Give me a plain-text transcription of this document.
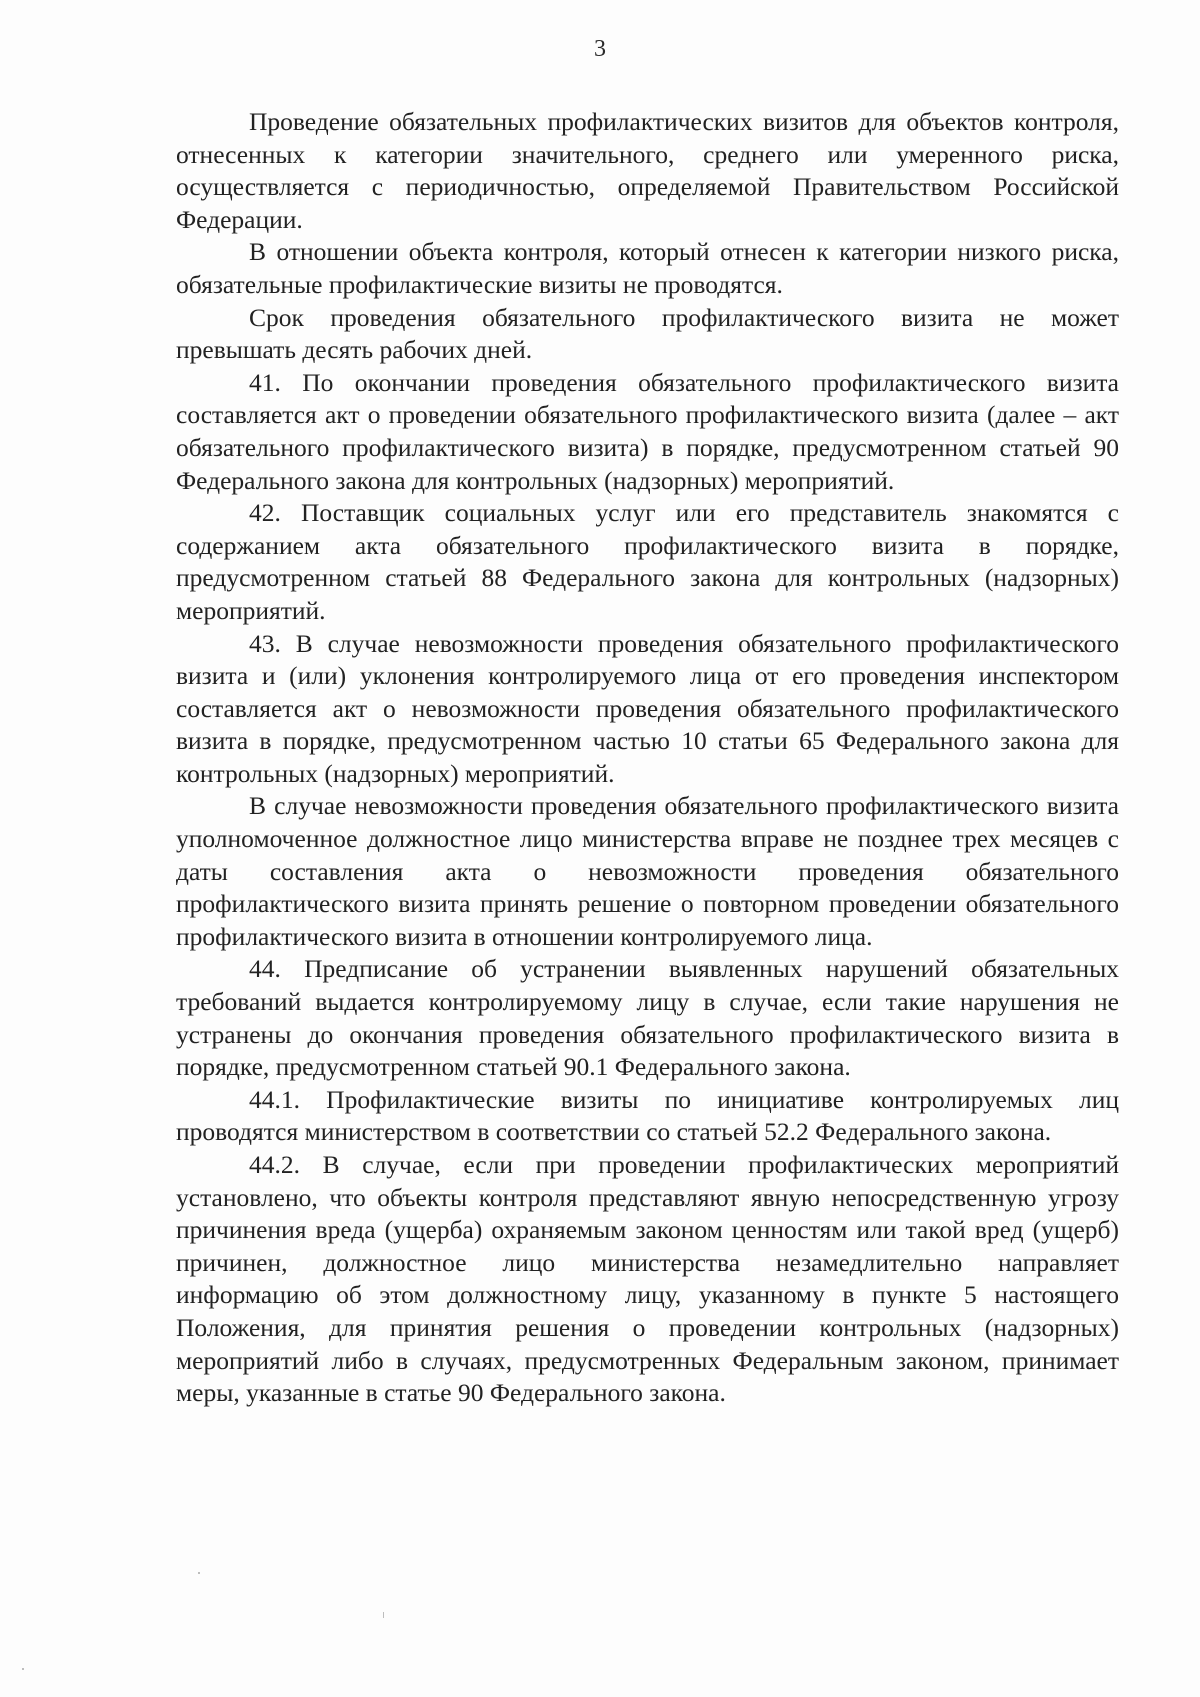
3

Проведение обязательных профилактических визитов для объектов контроля, отнесенных к категории значительного, среднего или умеренного риска, осуществляется с периодичностью, определяемой Правительством Российской Федерации.

В отношении объекта контроля, который отнесен к категории низкого риска, обязательные профилактические визиты не проводятся.

Срок проведения обязательного профилактического визита не может превышать десять рабочих дней.

41. По окончании проведения обязательного профилактического визита составляется акт о проведении обязательного профилактического визита (далее – акт обязательного профилактического визита) в порядке, предусмотренном статьей 90 Федерального закона для контрольных (надзорных) мероприятий.

42. Поставщик социальных услуг или его представитель знакомятся с содержанием акта обязательного профилактического визита в порядке, предусмотренном статьей 88 Федерального закона для контрольных (надзорных) мероприятий.

43. В случае невозможности проведения обязательного профилактического визита и (или) уклонения контролируемого лица от его проведения инспектором составляется акт о невозможности проведения обязательного профилактического визита в порядке, предусмотренном частью 10 статьи 65 Федерального закона для контрольных (надзорных) мероприятий.

В случае невозможности проведения обязательного профилактического визита уполномоченное должностное лицо министерства вправе не позднее трех месяцев с даты составления акта о невозможности проведения обязательного профилактического визита принять решение о повторном проведении обязательного профилактического визита в отношении контролируемого лица.

44. Предписание об устранении выявленных нарушений обязательных требований выдается контролируемому лицу в случае, если такие нарушения не устранены до окончания проведения обязательного профилактического визита в порядке, предусмотренном статьей 90.1 Федерального закона.

44.1. Профилактические визиты по инициативе контролируемых лиц проводятся министерством в соответствии со статьей 52.2 Федерального закона.

44.2. В случае, если при проведении профилактических мероприятий установлено, что объекты контроля представляют явную непосредственную угрозу причинения вреда (ущерба) охраняемым законом ценностям или такой вред (ущерб) причинен, должностное лицо министерства незамедлительно направляет информацию об этом должностному лицу, указанному в пункте 5 настоящего Положения, для принятия решения о проведении контрольных (надзорных) мероприятий либо в случаях, предусмотренных Федеральным законом, принимает меры, указанные в статье 90 Федерального закона.
